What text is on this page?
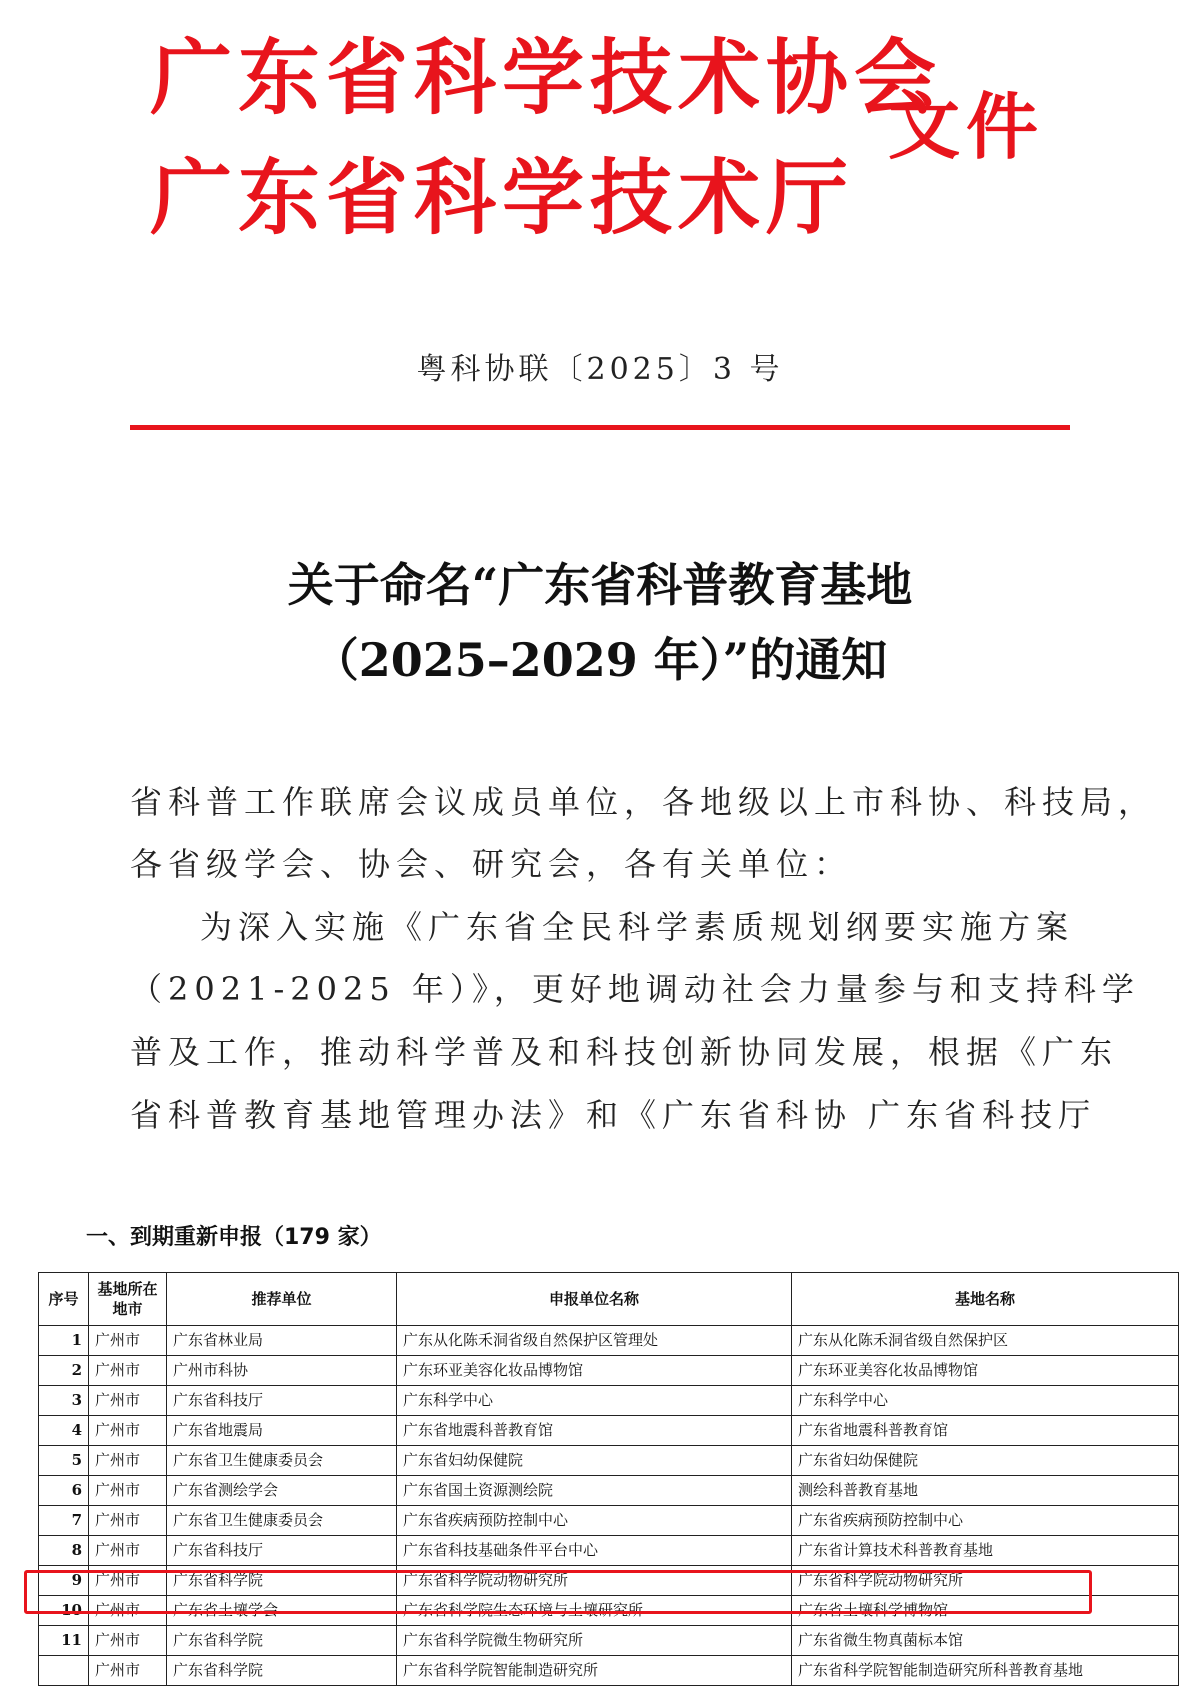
广东省科学技术协会
广东省科学技术厅
文件
粤科协联〔2025〕3 号
关于命名“广东省科普教育基地
（2025–2029 年）”的通知
省科普工作联席会议成员单位，各地级以上市科协、科技局，
各省级学会、协会、研究会，各有关单位：
为深入实施《广东省全民科学素质规划纲要实施方案
（2021-2025 年）》，更好地调动社会力量参与和支持科学
普及工作，推动科学普及和科技创新协同发展，根据《广东
省科普教育基地管理办法》和《广东省科协 广东省科技厅
一、到期重新申报（179 家）
序号	基地所在地市	推荐单位	申报单位名称	基地名称
1	广州市	广东省林业局	广东从化陈禾洞省级自然保护区管理处	广东从化陈禾洞省级自然保护区
2	广州市	广州市科协	广东环亚美容化妆品博物馆	广东环亚美容化妆品博物馆
3	广州市	广东省科技厅	广东科学中心	广东科学中心
4	广州市	广东省地震局	广东省地震科普教育馆	广东省地震科普教育馆
5	广州市	广东省卫生健康委员会	广东省妇幼保健院	广东省妇幼保健院
6	广州市	广东省测绘学会	广东省国土资源测绘院	测绘科普教育基地
7	广州市	广东省卫生健康委员会	广东省疾病预防控制中心	广东省疾病预防控制中心
8	广州市	广东省科技厅	广东省科技基础条件平台中心	广东省计算技术科普教育基地
9	广州市	广东省科学院	广东省科学院动物研究所	广东省科学院动物研究所
10	广州市	广东省土壤学会	广东省科学院生态环境与土壤研究所	广东省土壤科学博物馆
11	广州市	广东省科学院	广东省科学院微生物研究所	广东省微生物真菌标本馆
	广州市	广东省科学院	广东省科学院智能制造研究所	广东省科学院智能制造研究所科普教育基地
